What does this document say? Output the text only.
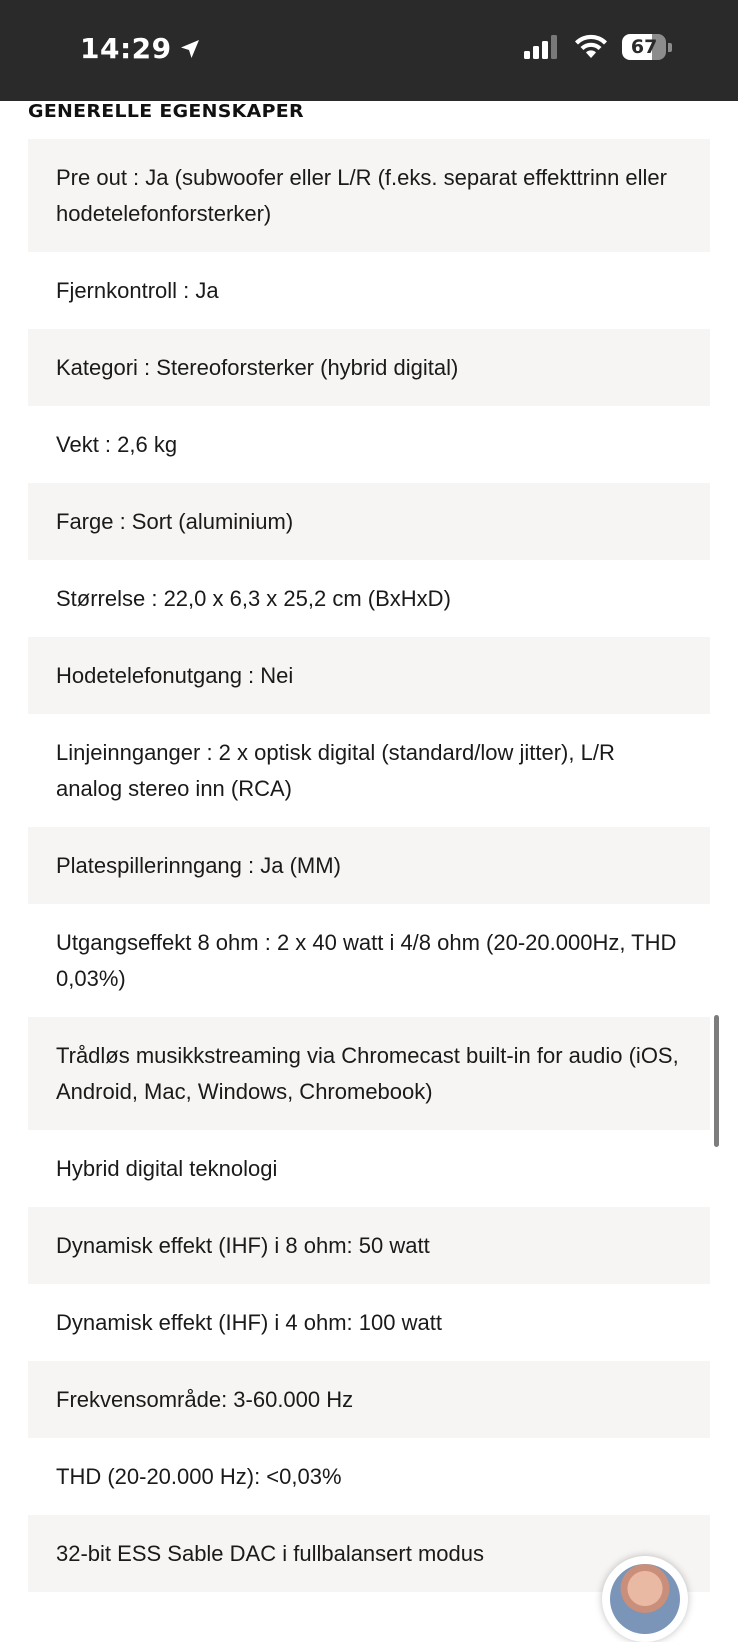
14:29	67
GENERELLE EGENSKAPER
Pre out : Ja (subwoofer eller L/R (f.eks. separat effekttrinn eller hodetelefonforsterker)
Fjernkontroll : Ja
Kategori : Stereoforsterker (hybrid digital)
Vekt : 2,6 kg
Farge : Sort (aluminium)
Størrelse : 22,0 x 6,3 x 25,2 cm (BxHxD)
Hodetelefonutgang : Nei
Linjeinnganger : 2 x optisk digital (standard/low jitter), L/R analog stereo inn (RCA)
Platespillerinngang : Ja (MM)
Utgangseffekt 8 ohm : 2 x 40 watt i 4/8 ohm (20-20.000Hz, THD 0,03%)
Trådløs musikkstreaming via Chromecast built-in for audio (iOS, Android, Mac, Windows, Chromebook)
Hybrid digital teknologi
Dynamisk effekt (IHF) i 8 ohm: 50 watt
Dynamisk effekt (IHF) i 4 ohm: 100 watt
Frekvensområde: 3-60.000 Hz
THD (20-20.000 Hz): <0,03%
32-bit ESS Sable DAC i fullbalansert modus
